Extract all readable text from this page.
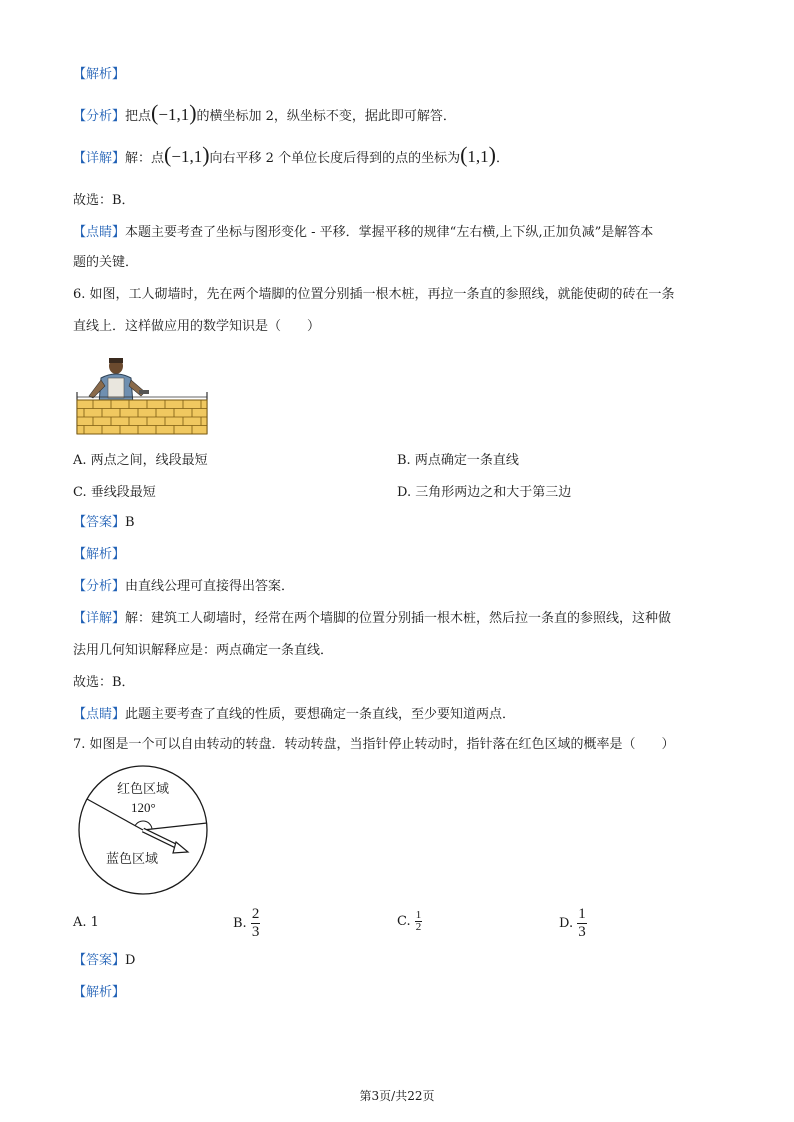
【解析】
【分析】把点(−1,1)的横坐标加 2，纵坐标不变，据此即可解答．
【详解】解：点(−1,1)向右平移 2 个单位长度后得到的点的坐标为(1,1)．
故选：B．
【点睛】本题主要考查了坐标与图形变化 - 平移．掌握平移的规律“左右横,上下纵,正加负减”是解答本
题的关键．
6. 如图，工人砌墙时，先在两个墙脚的位置分别插一根木桩，再拉一条直的参照线，就能使砌的砖在一条
直线上．这样做应用的数学知识是（　　）
A. 两点之间，线段最短	B. 两点确定一条直线
C. 垂线段最短	D. 三角形两边之和大于第三边
【答案】B
【解析】
【分析】由直线公理可直接得出答案．
【详解】解：建筑工人砌墙时，经常在两个墙脚的位置分别插一根木桩，然后拉一条直的参照线，这种做
法用几何知识解释应是：两点确定一条直线．
故选：B．
【点睛】此题主要考查了直线的性质，要想确定一条直线，至少要知道两点．
7. 如图是一个可以自由转动的转盘．转动转盘，当指针停止转动时，指针落在红色区域的概率是（　　）
红色区域
120°
蓝色区域
A. 1	B. $\frac{2}{3}$	C. $\frac{1}{2}$	D. $\frac{1}{3}$
【答案】D
【解析】
第3页/共22页
